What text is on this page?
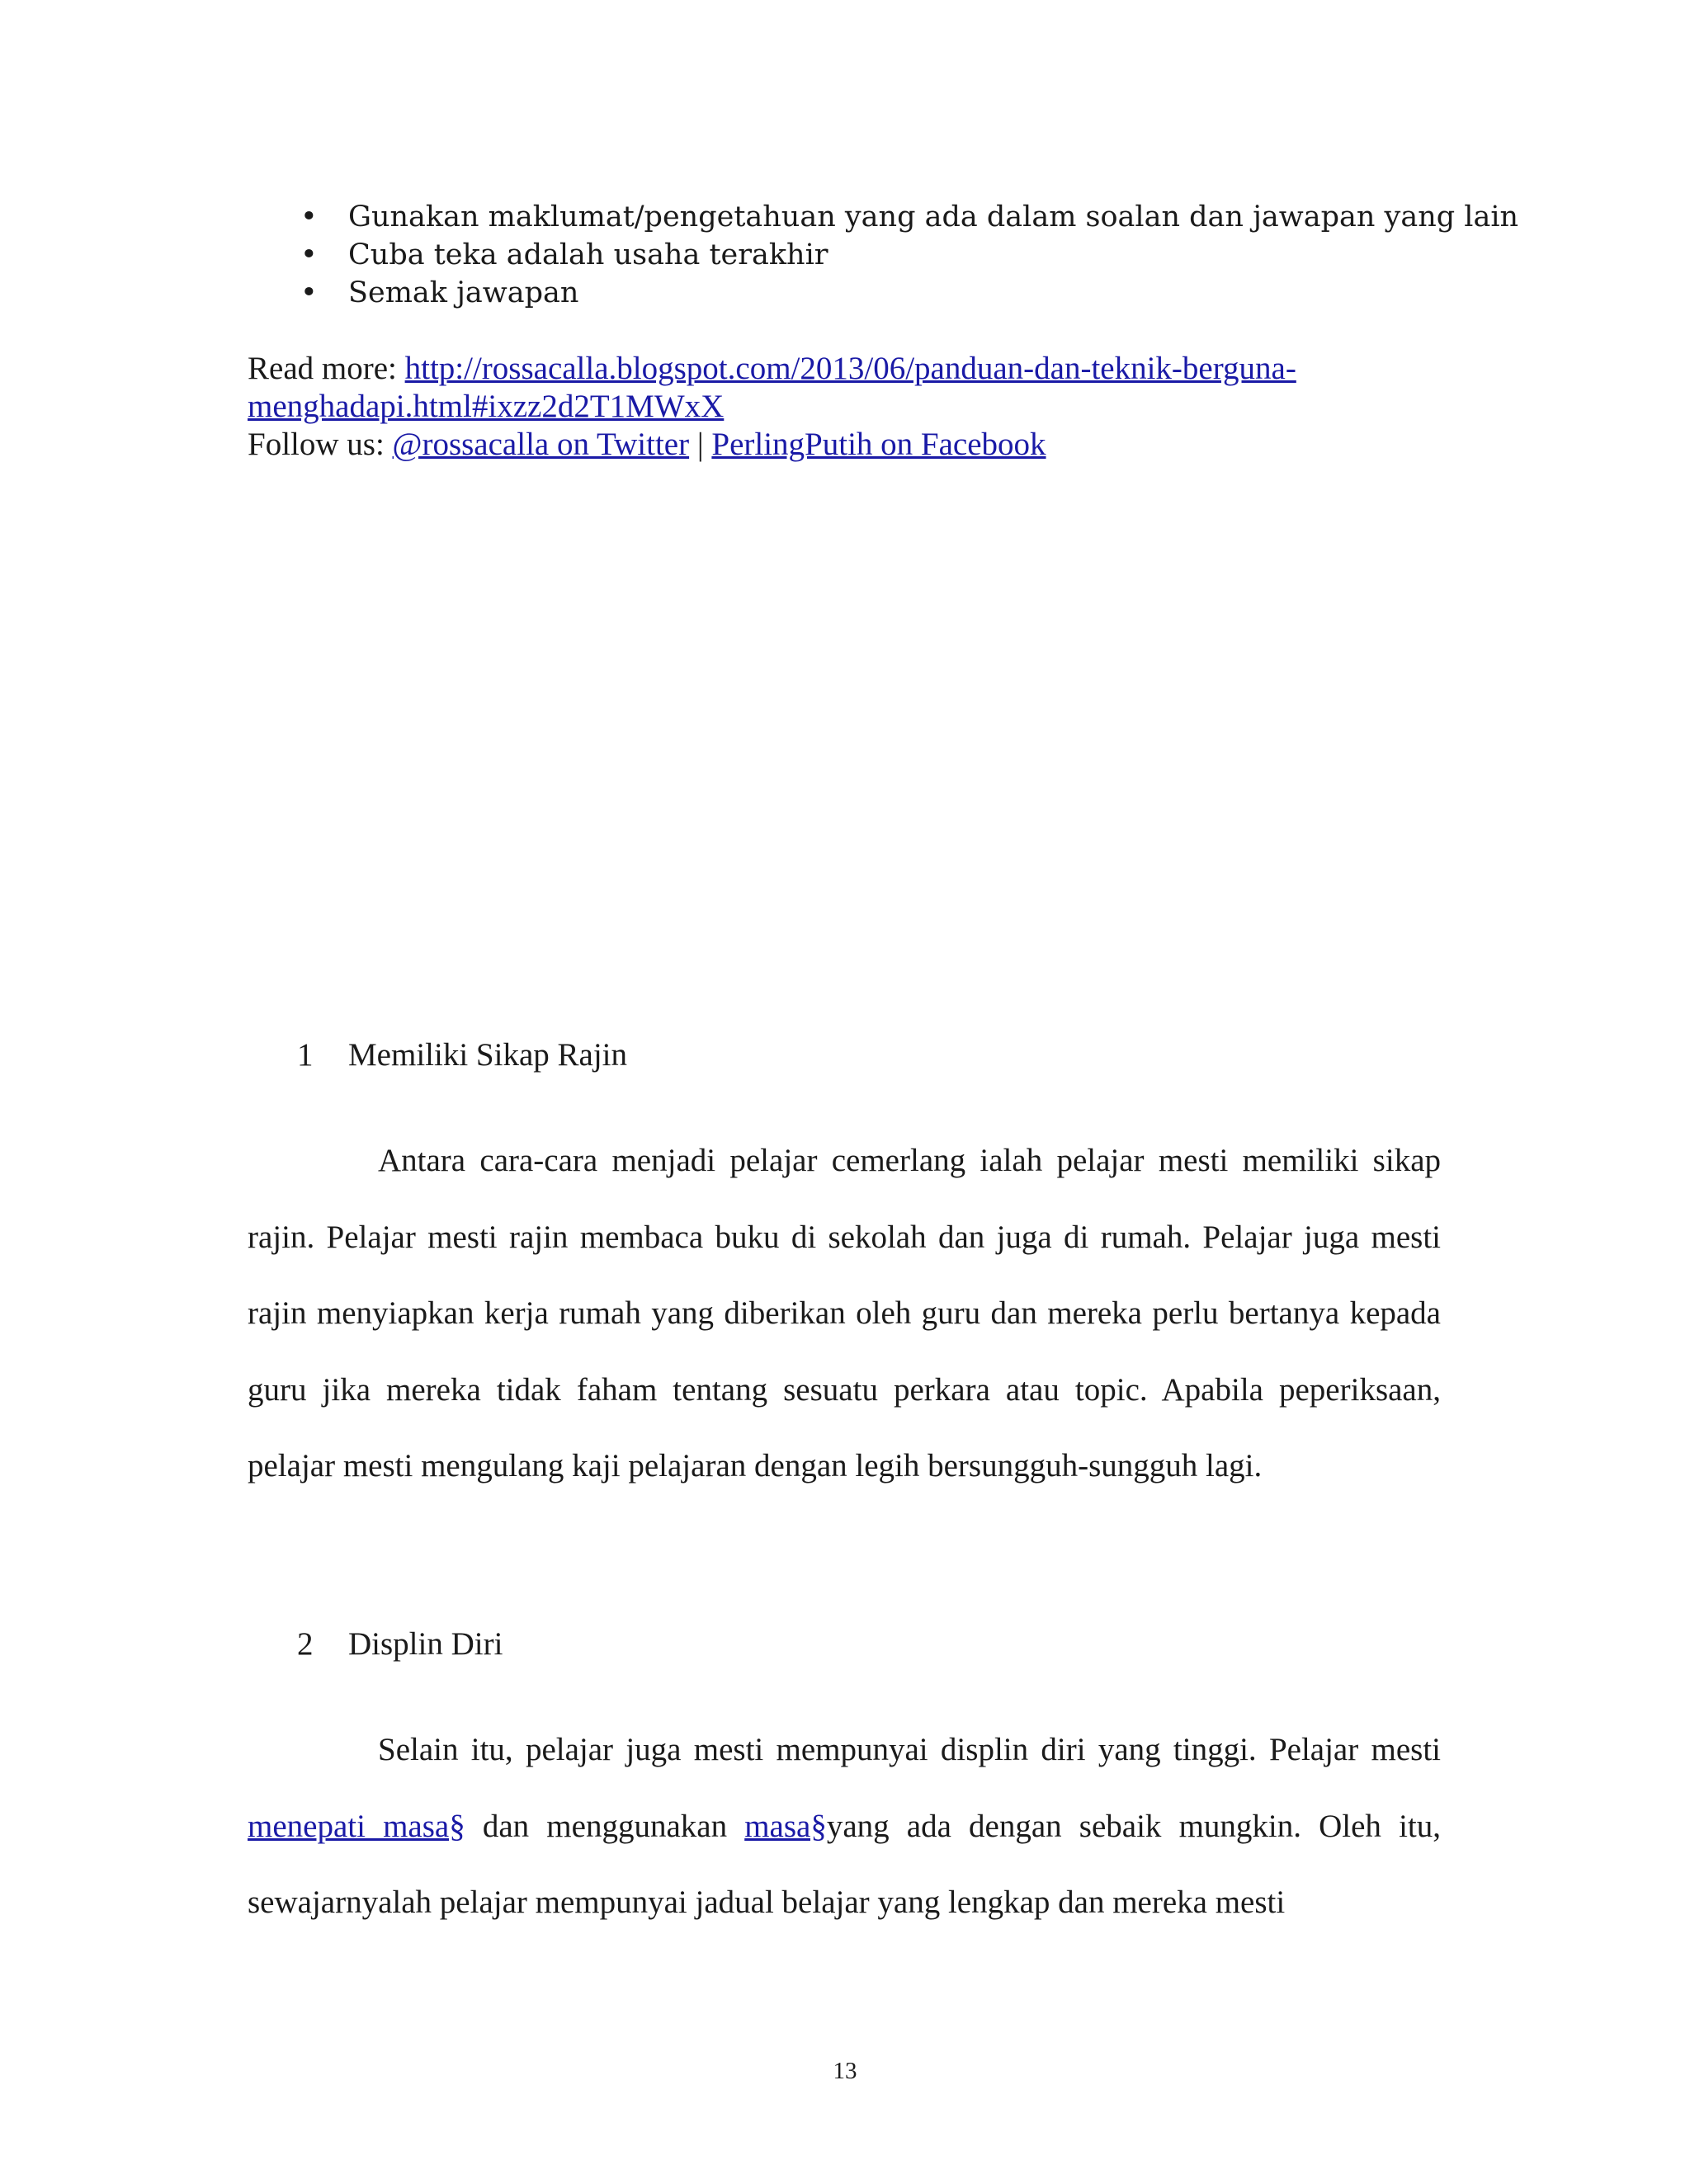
• Gunakan maklumat/pengetahuan yang ada dalam soalan dan jawapan yang lain
• Cuba teka adalah usaha terakhir
• Semak jawapan
Read more: http://rossacalla.blogspot.com/2013/06/panduan-dan-teknik-berguna-
menghadapi.html#ixzz2d2T1MWxX
Follow us: @rossacalla on Twitter | PerlingPutih on Facebook
1 Memiliki Sikap Rajin
Antara cara-cara menjadi pelajar cemerlang ialah pelajar mesti memiliki sikap rajin. Pelajar mesti rajin membaca buku di sekolah dan juga di rumah. Pelajar juga mesti rajin menyiapkan kerja rumah yang diberikan oleh guru dan mereka perlu bertanya kepada guru jika mereka tidak faham tentang sesuatu perkara atau topic. Apabila peperiksaan, pelajar mesti mengulang kaji pelajaran dengan legih bersungguh-sungguh lagi.
2 Displin Diri
Selain itu, pelajar juga mesti mempunyai displin diri yang tinggi. Pelajar mesti menepati masa§ dan menggunakan masa§yang ada dengan sebaik mungkin. Oleh itu, sewajarnyalah pelajar mempunyai jadual belajar yang lengkap dan mereka mesti
13
